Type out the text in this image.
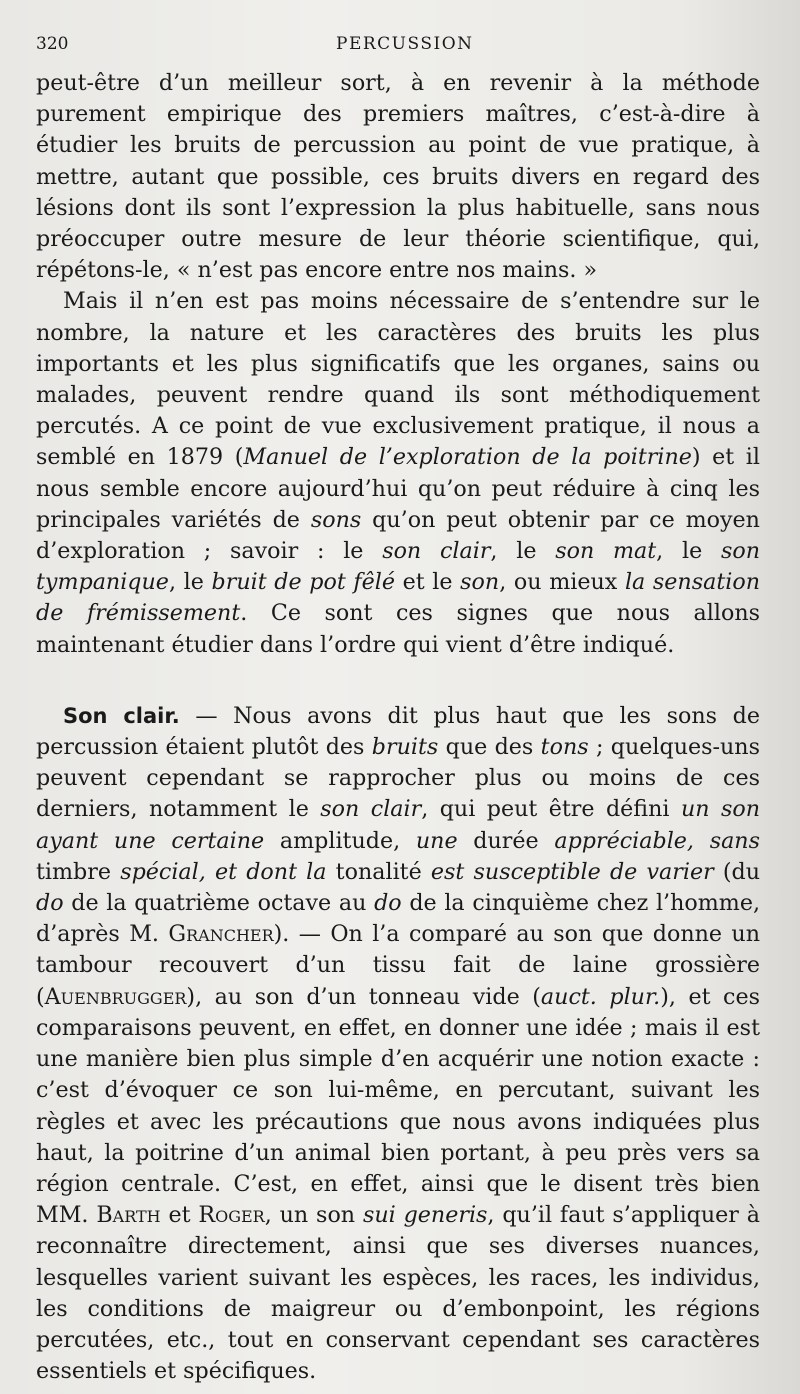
320	PERCUSSION

peut-être d’un meilleur sort, à en revenir à la méthode purement empirique des premiers maîtres, c’est-à-dire à étudier les bruits de percussion au point de vue pratique, à mettre, autant que possible, ces bruits divers en regard des lésions dont ils sont l’expression la plus habituelle, sans nous préoccuper outre mesure de leur théorie scientifique, qui, répétons-le, « n’est pas encore entre nos mains. »

Mais il n’en est pas moins nécessaire de s’entendre sur le nombre, la nature et les caractères des bruits les plus importants et les plus significatifs que les organes, sains ou malades, peuvent rendre quand ils sont méthodiquement percutés. A ce point de vue exclusivement pratique, il nous a semblé en 1879 (Manuel de l’exploration de la poitrine) et il nous semble encore aujourd’hui qu’on peut réduire à cinq les principales variétés de sons qu’on peut obtenir par ce moyen d’exploration ; savoir : le son clair, le son mat, le son tympanique, le bruit de pot fêlé et le son, ou mieux la sensation de frémissement. Ce sont ces signes que nous allons maintenant étudier dans l’ordre qui vient d’être indiqué.

Son clair. — Nous avons dit plus haut que les sons de percussion étaient plutôt des bruits que des tons ; quelques-uns peuvent cependant se rapprocher plus ou moins de ces derniers, notamment le son clair, qui peut être défini un son ayant une certaine amplitude, une durée appréciable, sans timbre spécial, et dont la tonalité est susceptible de varier (du do de la quatrième octave au do de la cinquième chez l’homme, d’après M. Grancher). — On l’a comparé au son que donne un tambour recouvert d’un tissu fait de laine grossière (Auenbrugger), au son d’un tonneau vide (auct. plur.), et ces comparaisons peuvent, en effet, en donner une idée ; mais il est une manière bien plus simple d’en acquérir une notion exacte : c’est d’évoquer ce son lui-même, en percutant, suivant les règles et avec les précautions que nous avons indiquées plus haut, la poitrine d’un animal bien portant, à peu près vers sa région centrale. C’est, en effet, ainsi que le disent très bien MM. Barth et Roger, un son sui generis, qu’il faut s’appliquer à reconnaître directement, ainsi que ses diverses nuances, lesquelles varient suivant les espèces, les races, les individus, les conditions de maigreur ou d’embonpoint, les régions percutées, etc., tout en conservant cependant ses caractères essentiels et spécifiques.
